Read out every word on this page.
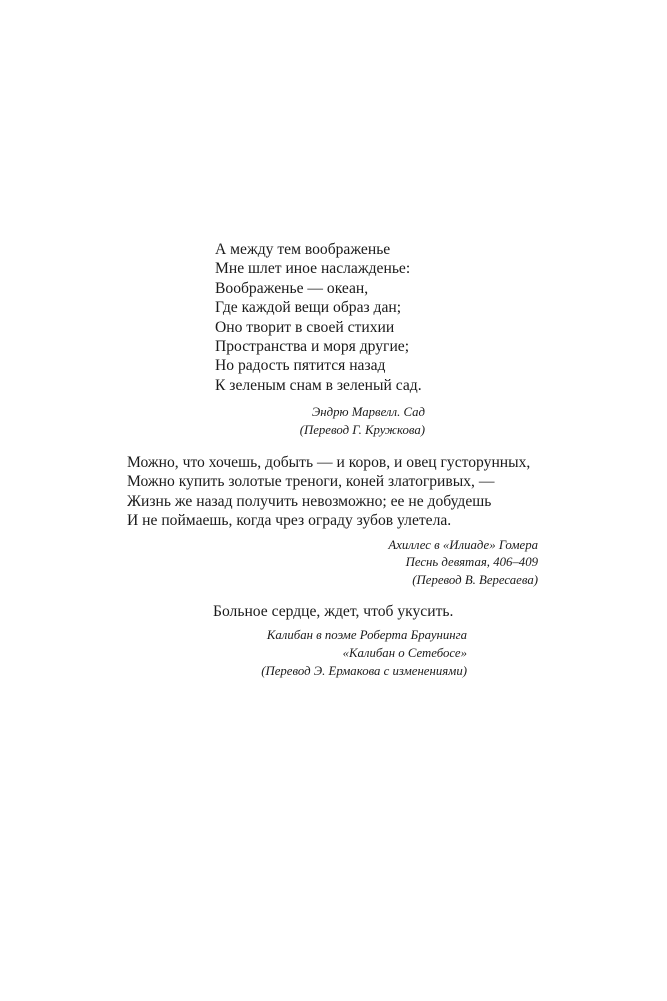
А между тем воображенье
Мне шлет иное наслажденье:
Воображенье — океан,
Где каждой вещи образ дан;
Оно творит в своей стихии
Пространства и моря другие;
Но радость пятится назад
К зеленым снам в зеленый сад.
Эндрю Марвелл. Сад
(Перевод Г. Кружкова)
Можно, что хочешь, добыть — и коров, и овец густорунных,
Можно купить золотые треноги, коней златогривых, —
Жизнь же назад получить невозможно; ее не добудешь
И не поймаешь, когда чрез ограду зубов улетела.
Ахиллес в «Илиаде» Гомера
Песнь девятая, 406–409
(Перевод В. Вересаева)
Больное сердце, ждет, чтоб укусить.
Калибан в поэме Роберта Браунинга
«Калибан о Сетебосе»
(Перевод Э. Ермакова с изменениями)
